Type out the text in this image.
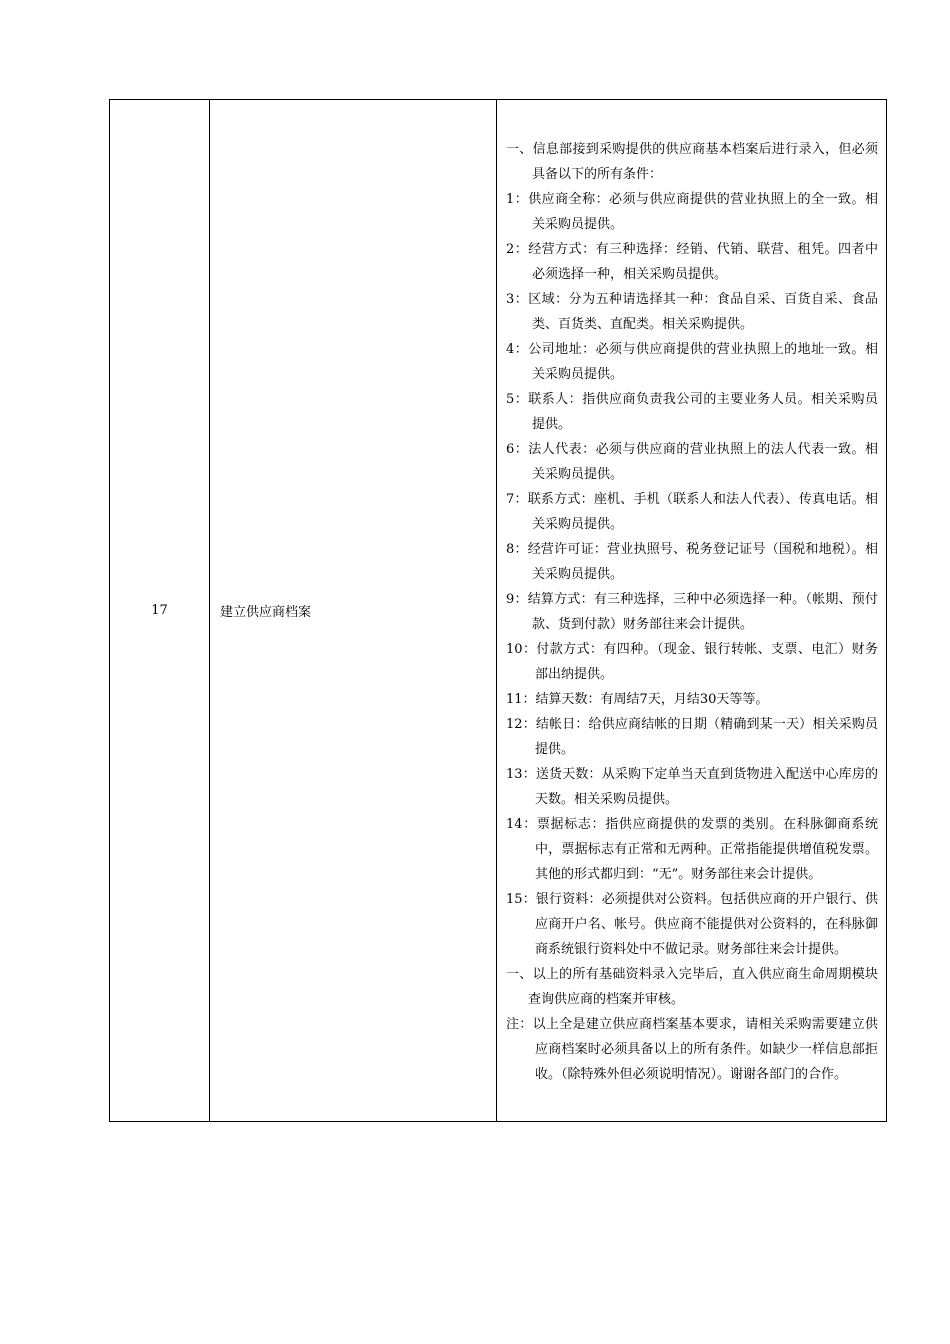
17	建立供应商档案	

一、信息部接到采购提供的供应商基本档案后进行录入，但必须具备以下的所有条件：

1：供应商全称：必须与供应商提供的营业执照上的全一致。相关采购员提供。

2：经营方式：有三种选择：经销、代销、联营、租凭。四者中必须选择一种，相关采购员提供。

3：区域：分为五种请选择其一种：食品自采、百货自采、食品类、百货类、直配类。相关采购提供。

4：公司地址：必须与供应商提供的营业执照上的地址一致。相关采购员提供。

5：联系人：指供应商负责我公司的主要业务人员。相关采购员提供。

6：法人代表：必须与供应商的营业执照上的法人代表一致。相关采购员提供。

7：联系方式：座机、手机（联系人和法人代表）、传真电话。相关采购员提供。

8：经营许可证：营业执照号、税务登记证号（国税和地税）。相关采购员提供。

9：结算方式：有三种选择，三种中必须选择一种。（帐期、预付款、货到付款）财务部往来会计提供。

10：付款方式：有四种。（现金、银行转帐、支票、电汇）财务部出纳提供。

11：结算天数：有周结7天，月结30天等等。

12：结帐日：给供应商结帐的日期（精确到某一天）相关采购员提供。

13：送货天数：从采购下定单当天直到货物进入配送中心库房的天数。相关采购员提供。

14：票据标志：指供应商提供的发票的类别。在科脉御商系统中，票据标志有正常和无两种。正常指能提供增值税发票。其他的形式都归到：“无”。财务部往来会计提供。

15：银行资料：必须提供对公资料。包括供应商的开户银行、供应商开户名、帐号。供应商不能提供对公资料的，在科脉御商系统银行资料处中不做记录。财务部往来会计提供。

一、以上的所有基础资料录入完毕后，直入供应商生命周期模块查询供应商的档案并审核。

注：以上全是建立供应商档案基本要求，请相关采购需要建立供应商档案时必须具备以上的所有条件。如缺少一样信息部拒收。（除特殊外但必须说明情况）。谢谢各部门的合作。
